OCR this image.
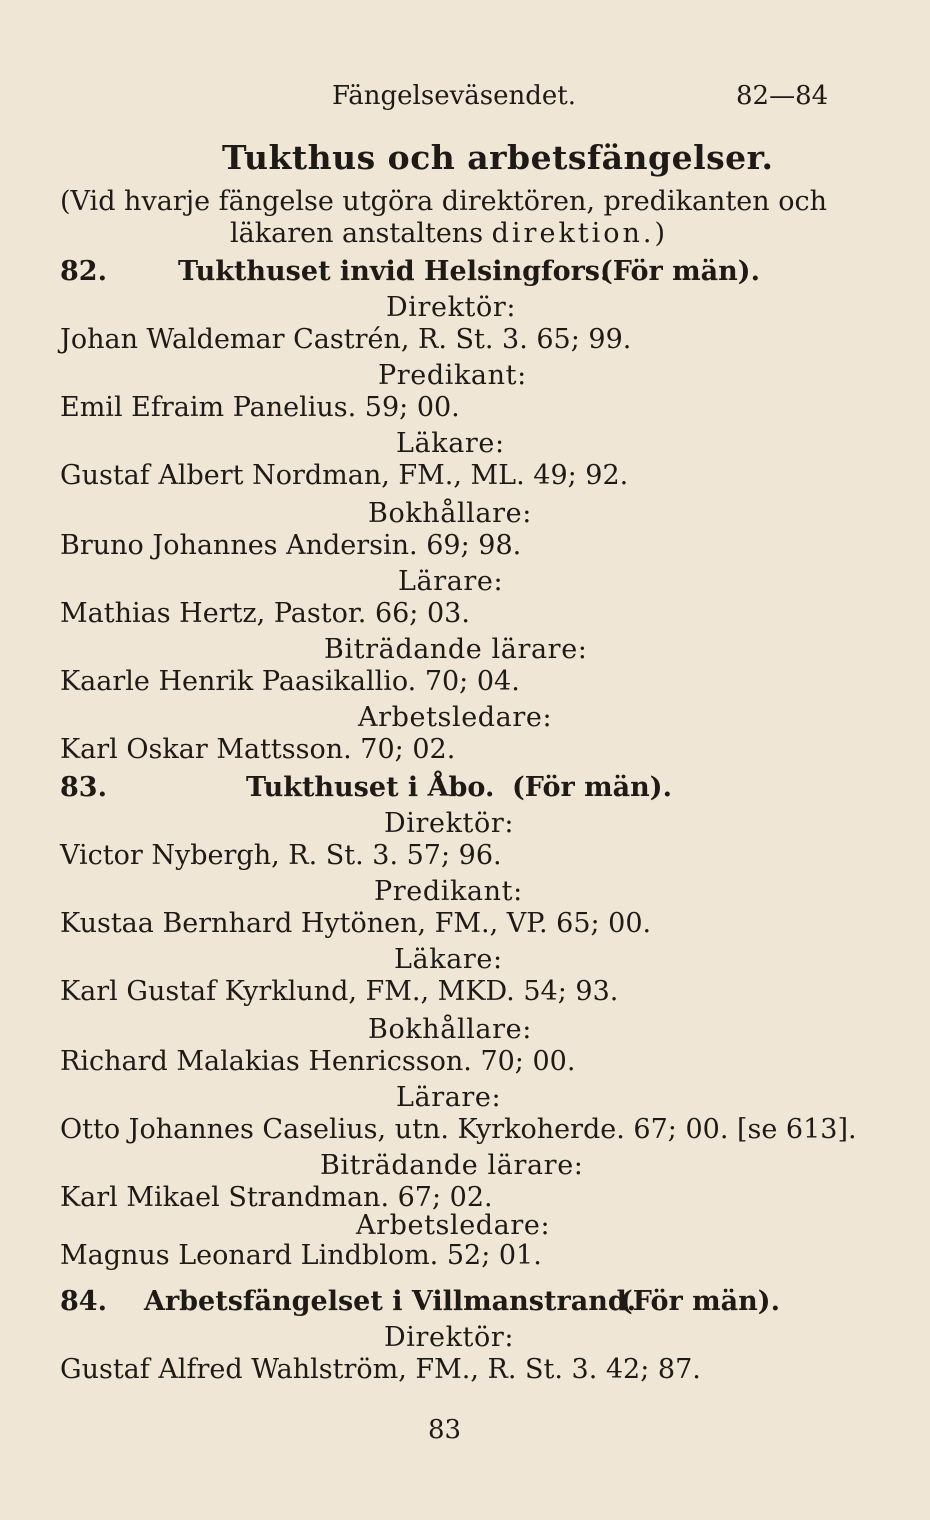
Fängelseväsendet.	82—84
Tukthus och arbetsfängelser.
(Vid hvarje fängelse utgöra direktören, predikanten och
läkaren anstaltens direktion.)
82.	Tukthuset invid Helsingfors.
(För män).
Direktör:
Johan Waldemar Castrén, R. St. 3. 65; 99.
Predikant:
Emil Efraim Panelius. 59; 00.
Läkare:
Gustaf Albert Nordman, FM., ML. 49; 92.
Bokhållare:
Bruno Johannes Andersin. 69; 98.
Lärare:
Mathias Hertz, Pastor. 66; 03.
Biträdande lärare:
Kaarle Henrik Paasikallio. 70; 04.
Arbetsledare:
Karl Oskar Mattsson. 70; 02.
83.	Tukthuset i Åbo. (För män).
Direktör:
Victor Nybergh, R. St. 3. 57; 96.
Predikant:
Kustaa Bernhard Hytönen, FM., VP. 65; 00.
Läkare:
Karl Gustaf Kyrklund, FM., MKD. 54; 93.
Bokhållare:
Richard Malakias Henricsson. 70; 00.
Lärare:
Otto Johannes Caselius, utn. Kyrkoherde. 67; 00. [se 613].
Biträdande lärare:
Karl Mikael Strandman. 67; 02.
Arbetsledare:
Magnus Leonard Lindblom. 52; 01.
84. Arbetsfängelset i Villmanstrand.
(För män).
Direktör:
Gustaf Alfred Wahlström, FM., R. St. 3. 42; 87.
83
